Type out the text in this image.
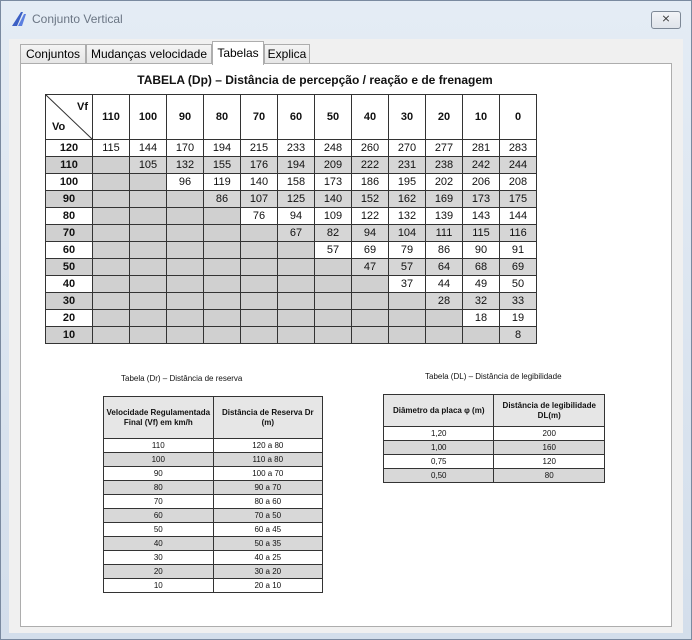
Conjunto Vertical	⨯
Conjuntos Mudanças velocidade Tabelas Explica
TABELA (Dp) – Distância de percepção / reação e de frenagem
Vf
Vo	110	100	90	80	70	60	50	40	30	20	10	0
120	115	144	170	194	215	233	248	260	270	277	281	283
110		105	132	155	176	194	209	222	231	238	242	244
100			96	119	140	158	173	186	195	202	206	208
90				86	107	125	140	152	162	169	173	175
80					76	94	109	122	132	139	143	144
70						67	82	94	104	111	115	116
60							57	69	79	86	90	91
50								47	57	64	68	69
40									37	44	49	50
30										28	32	33
20											18	19
10												8
Tabela (Dr) – Distância de reserva
Velocidade Regulamentada Final (Vf) em km/h	Distância de Reserva Dr (m)
110	120 a 80
100	110 a 80
90	100 a 70
80	90 a 70
70	80 a 60
60	70 a 50
50	60 a 45
40	50 a 35
30	40 a 25
20	30 a 20
10	20 a 10
Tabela (DL) – Distância de legibilidade
Diâmetro da placa φ (m)	Distância de legibilidade DL(m)
1,20	200
1,00	160
0,75	120
0,50	80
